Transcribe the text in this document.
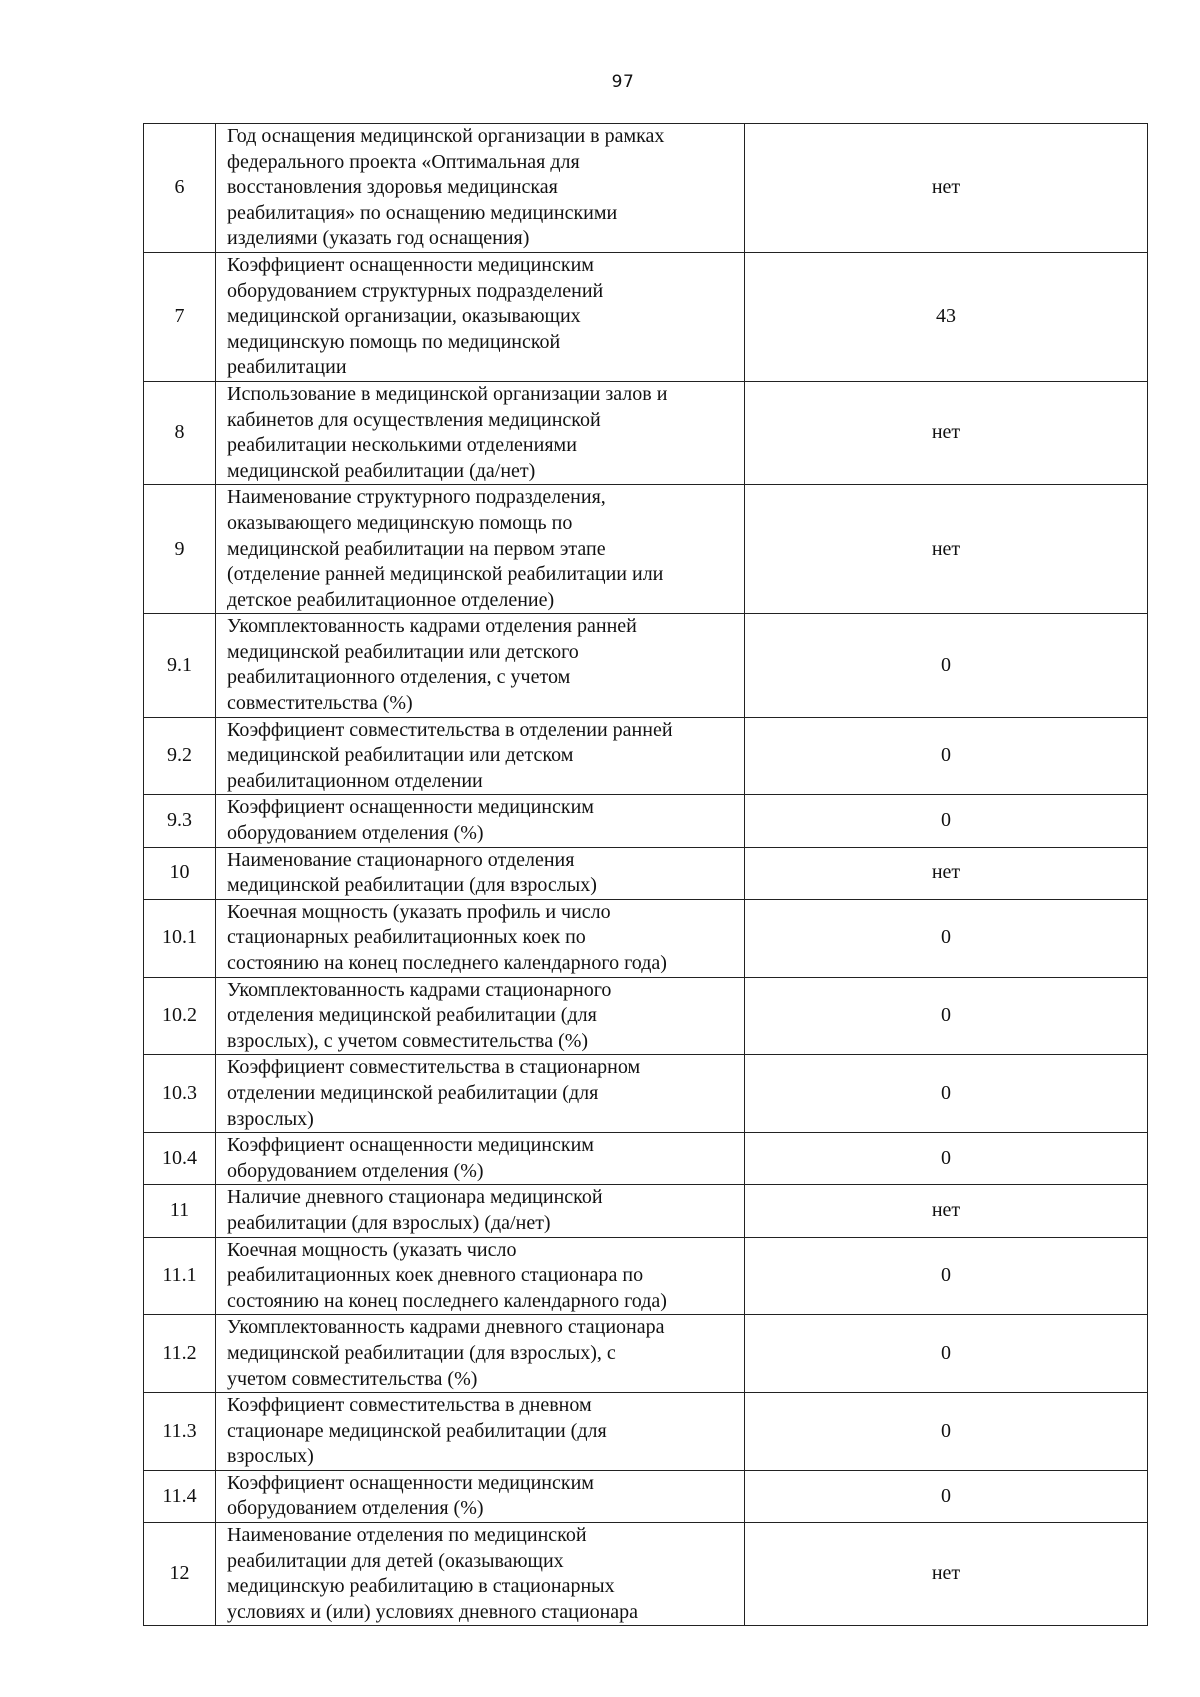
97
6	Год оснащения медицинской организации в рамках
федерального проекта «Оптимальная для
восстановления здоровья медицинская
реабилитация» по оснащению медицинскими
изделиями (указать год оснащения)	нет
7	Коэффициент оснащенности медицинским
оборудованием структурных подразделений
медицинской организации, оказывающих
медицинскую помощь по медицинской
реабилитации	43
8	Использование в медицинской организации залов и
кабинетов для осуществления медицинской
реабилитации несколькими отделениями
медицинской реабилитации (да/нет)	нет
9	Наименование структурного подразделения,
оказывающего медицинскую помощь по
медицинской реабилитации на первом этапе
(отделение ранней медицинской реабилитации или
детское реабилитационное отделение)	нет
9.1	Укомплектованность кадрами отделения ранней
медицинской реабилитации или детского
реабилитационного отделения, с учетом
совместительства (%)	0
9.2	Коэффициент совместительства в отделении ранней
медицинской реабилитации или детском
реабилитационном отделении	0
9.3	Коэффициент оснащенности медицинским
оборудованием отделения (%)	0
10	Наименование стационарного отделения
медицинской реабилитации (для взрослых)	нет
10.1	Коечная мощность (указать профиль и число
стационарных реабилитационных коек по
состоянию на конец последнего календарного года)	0
10.2	Укомплектованность кадрами стационарного
отделения медицинской реабилитации (для
взрослых), с учетом совместительства (%)	0
10.3	Коэффициент совместительства в стационарном
отделении медицинской реабилитации (для
взрослых)	0
10.4	Коэффициент оснащенности медицинским
оборудованием отделения (%)	0
11	Наличие дневного стационара медицинской
реабилитации (для взрослых) (да/нет)	нет
11.1	Коечная мощность (указать число
реабилитационных коек дневного стационара по
состоянию на конец последнего календарного года)	0
11.2	Укомплектованность кадрами дневного стационара
медицинской реабилитации (для взрослых), с
учетом совместительства (%)	0
11.3	Коэффициент совместительства в дневном
стационаре медицинской реабилитации (для
взрослых)	0
11.4	Коэффициент оснащенности медицинским
оборудованием отделения (%)	0
12	Наименование отделения по медицинской
реабилитации для детей (оказывающих
медицинскую реабилитацию в стационарных
условиях и (или) условиях дневного стационара	нет
